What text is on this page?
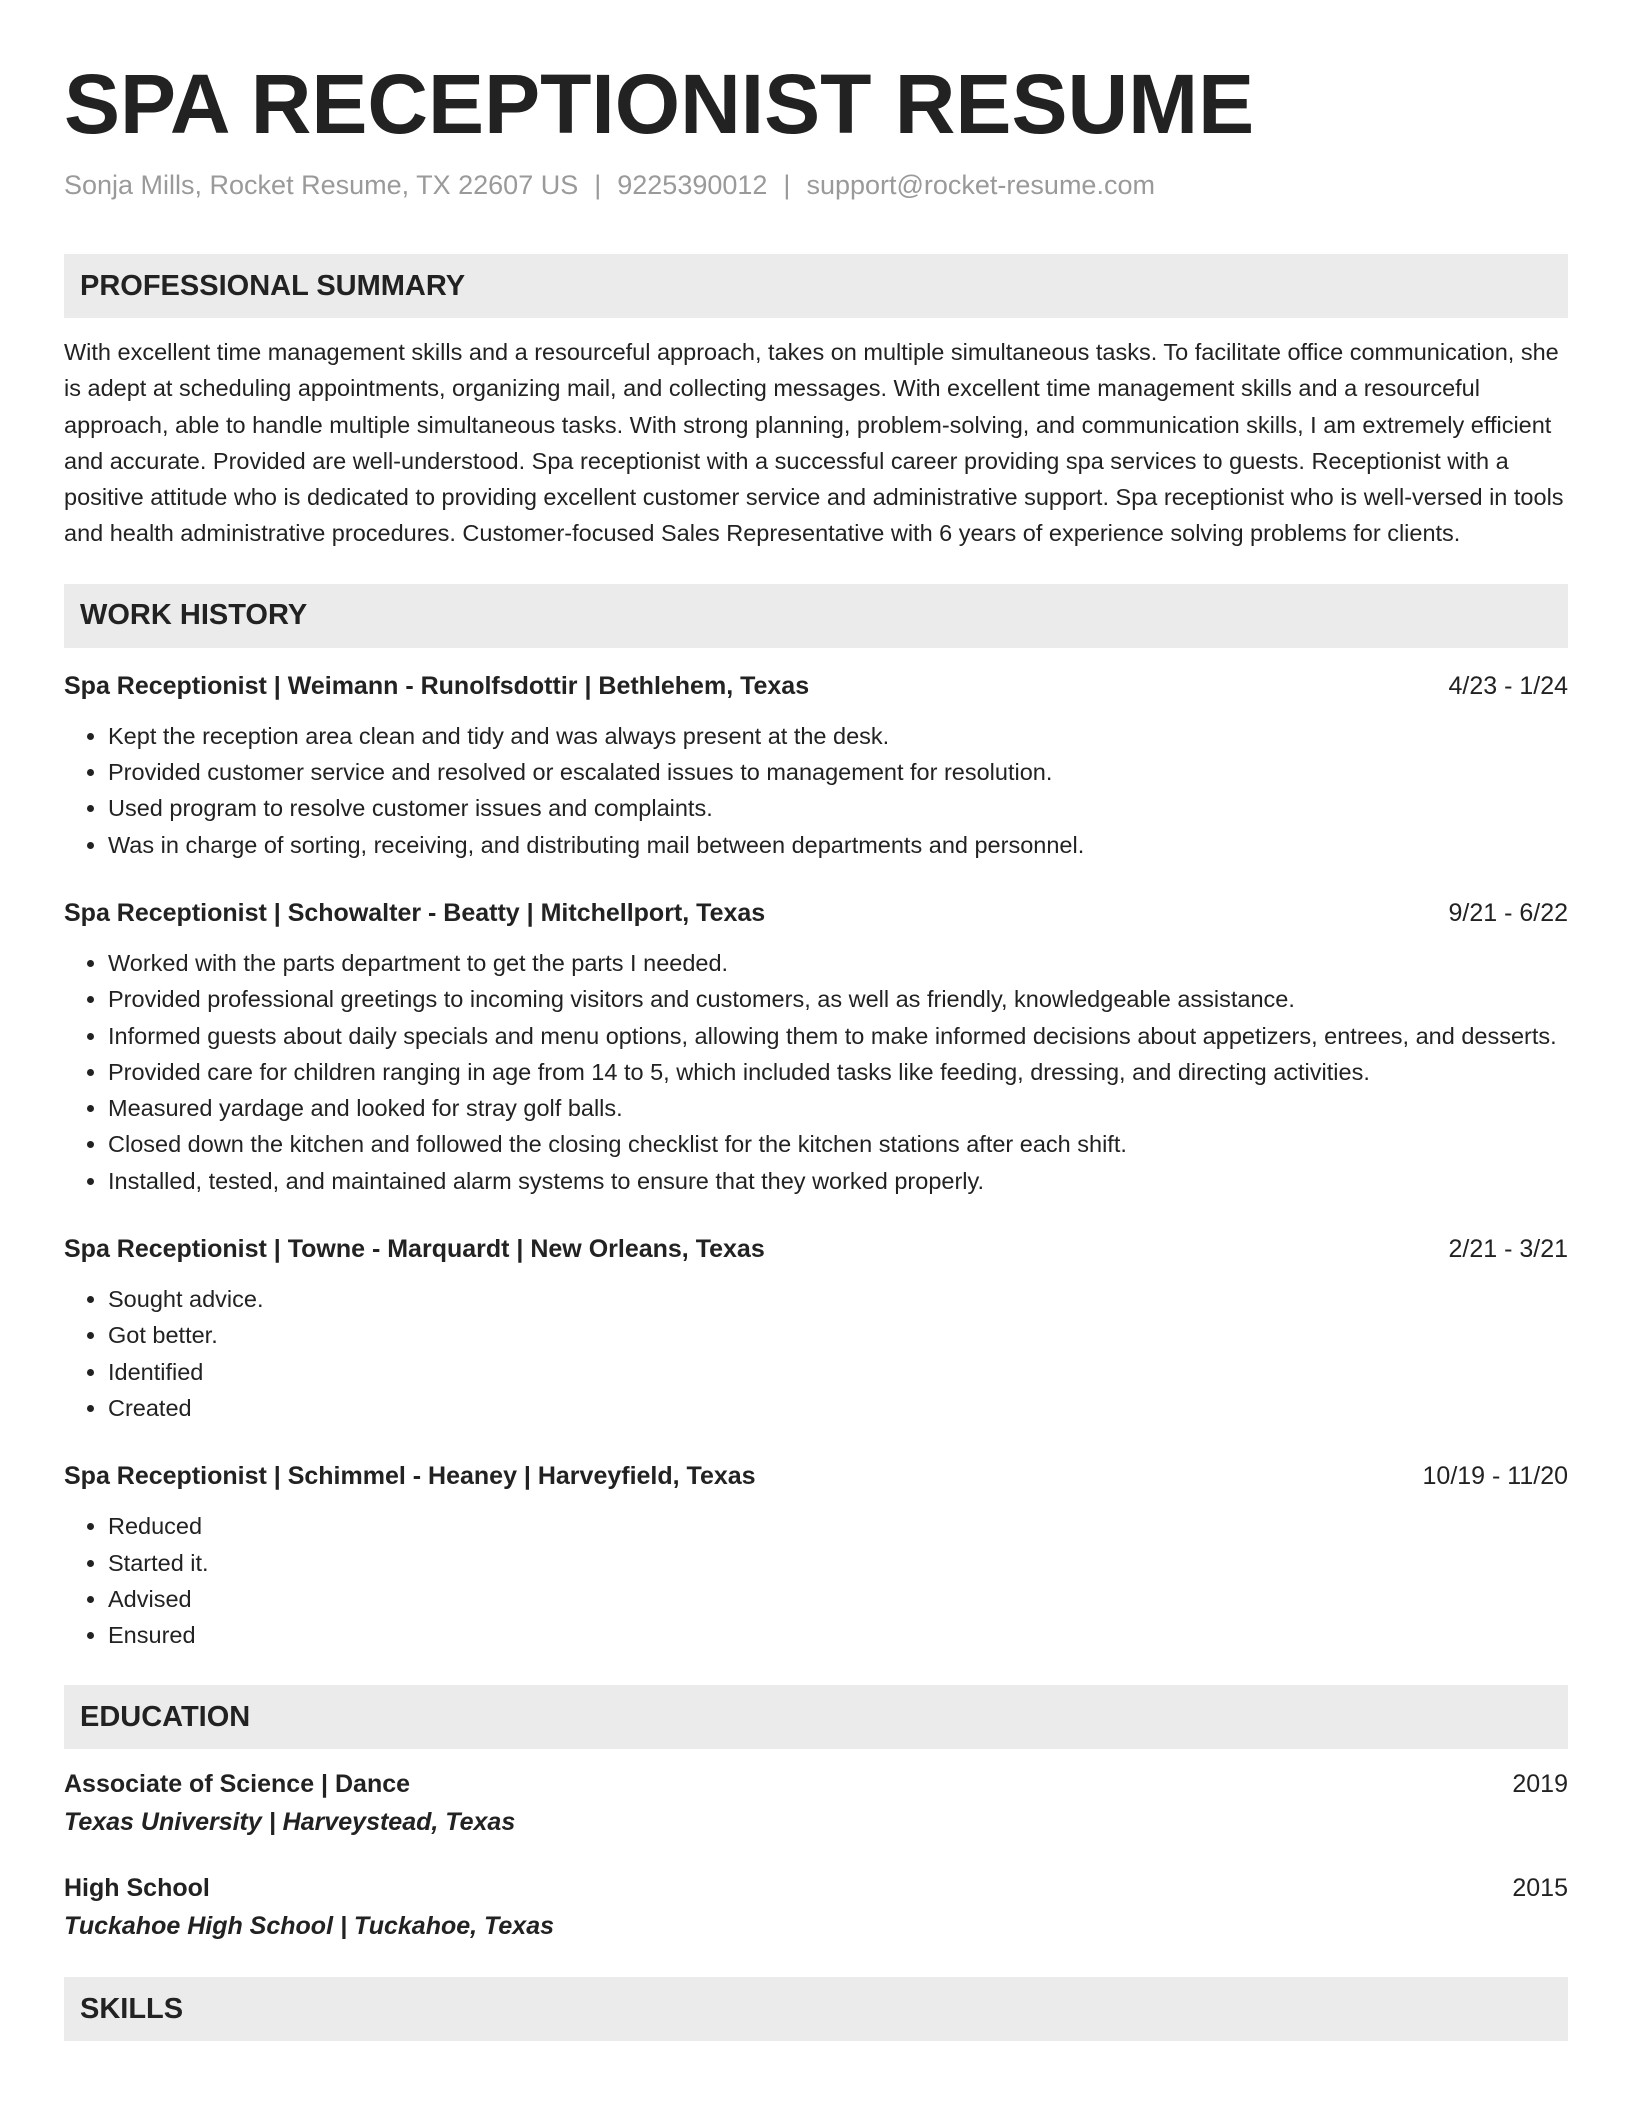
SPA RECEPTIONIST RESUME
Sonja Mills, Rocket Resume, TX 22607 US | 9225390012 | support@rocket-resume.com
PROFESSIONAL SUMMARY
With excellent time management skills and a resourceful approach, takes on multiple simultaneous tasks. To facilitate office communication, she is adept at scheduling appointments, organizing mail, and collecting messages. With excellent time management skills and a resourceful approach, able to handle multiple simultaneous tasks. With strong planning, problem-solving, and communication skills, I am extremely efficient and accurate. Provided are well-understood. Spa receptionist with a successful career providing spa services to guests. Receptionist with a positive attitude who is dedicated to providing excellent customer service and administrative support. Spa receptionist who is well-versed in tools and health administrative procedures. Customer-focused Sales Representative with 6 years of experience solving problems for clients.
WORK HISTORY
Spa Receptionist | Weimann - Runolfsdottir | Bethlehem, Texas	4/23 - 1/24
• Kept the reception area clean and tidy and was always present at the desk.
• Provided customer service and resolved or escalated issues to management for resolution.
• Used program to resolve customer issues and complaints.
• Was in charge of sorting, receiving, and distributing mail between departments and personnel.
Spa Receptionist | Schowalter - Beatty | Mitchellport, Texas	9/21 - 6/22
• Worked with the parts department to get the parts I needed.
• Provided professional greetings to incoming visitors and customers, as well as friendly, knowledgeable assistance.
• Informed guests about daily specials and menu options, allowing them to make informed decisions about appetizers, entrees, and desserts.
• Provided care for children ranging in age from 14 to 5, which included tasks like feeding, dressing, and directing activities.
• Measured yardage and looked for stray golf balls.
• Closed down the kitchen and followed the closing checklist for the kitchen stations after each shift.
• Installed, tested, and maintained alarm systems to ensure that they worked properly.
Spa Receptionist | Towne - Marquardt | New Orleans, Texas	2/21 - 3/21
• Sought advice.
• Got better.
• Identified
• Created
Spa Receptionist | Schimmel - Heaney | Harveyfield, Texas	10/19 - 11/20
• Reduced
• Started it.
• Advised
• Ensured
EDUCATION
Associate of Science | Dance	2019
Texas University | Harveystead, Texas
High School	2015
Tuckahoe High School | Tuckahoe, Texas
SKILLS
